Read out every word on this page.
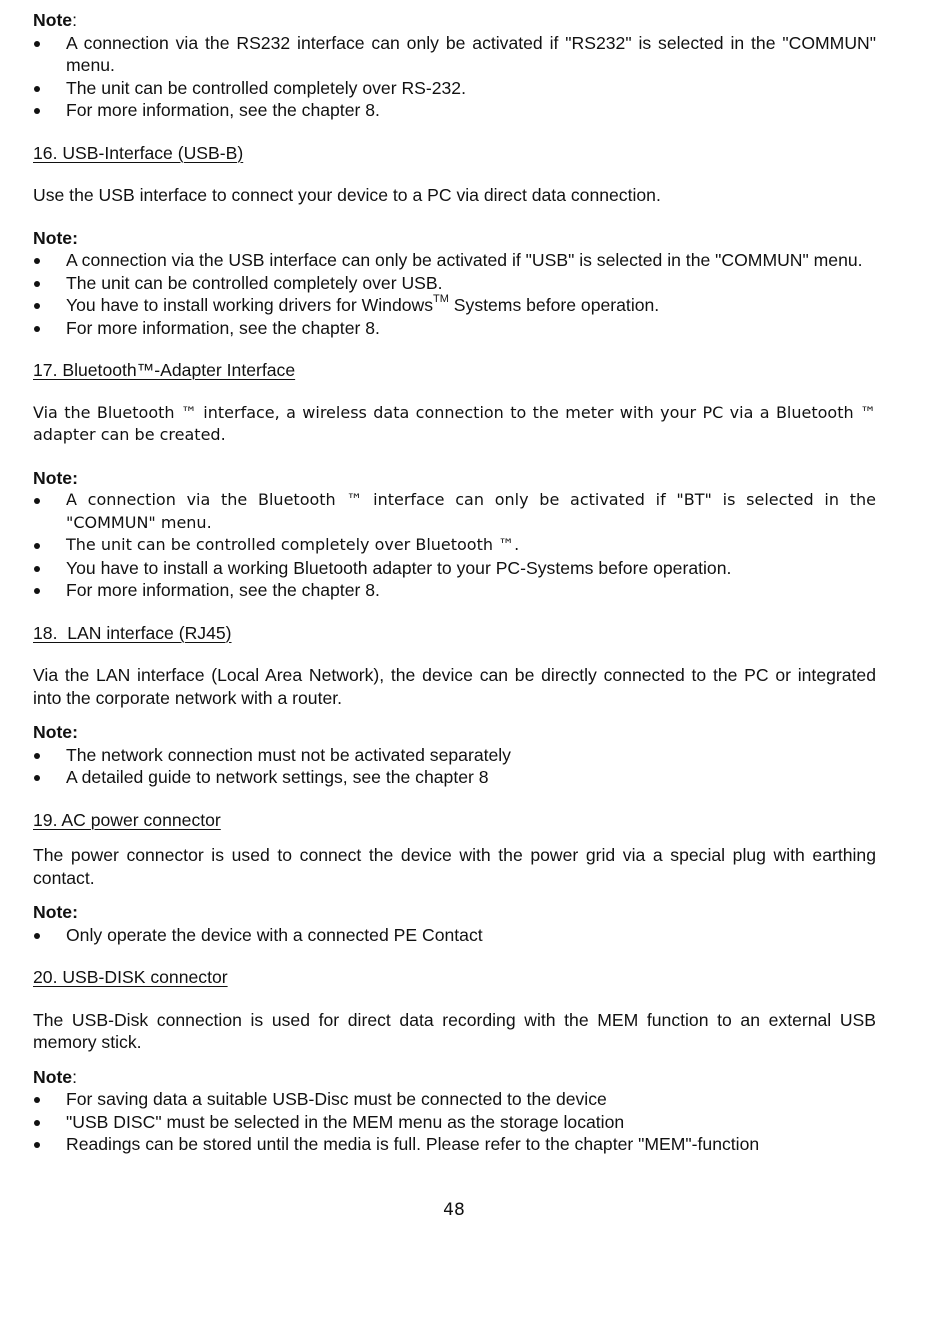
Note:

A connection via the RS232 interface can only be activated if "RS232" is selected in the "COMMUN" menu.
The unit can be controlled completely over RS-232.
For more information, see the chapter 8.

16. USB-Interface (USB-B)

Use the USB interface to connect your device to a PC via direct data connection.

Note:

A connection via the USB interface can only be activated if "USB" is selected in the "COMMUN" menu.
The unit can be controlled completely over USB.
You have to install working drivers for Windows™ Systems before operation.
For more information, see the chapter 8.

17. Bluetooth™-Adapter Interface

Via the Bluetooth ™ interface, a wireless data connection to the meter with your PC via a Bluetooth ™ adapter can be created.

Note:

A connection via the Bluetooth ™ interface can only be activated if "BT" is selected in the "COMMUN" menu.
The unit can be controlled completely over Bluetooth ™.
You have to install a working Bluetooth adapter to your PC-Systems before operation.
For more information, see the chapter 8.

18.  LAN interface (RJ45)

Via the LAN interface (Local Area Network), the device can be directly connected to the PC or integrated into the corporate network with a router.

Note:

The network connection must not be activated separately
A detailed guide to network settings, see the chapter 8

19. AC power connector

The power connector is used to connect the device with the power grid via a special plug with earthing contact.

Note:

Only operate the device with a connected PE Contact

20. USB-DISK connector

The USB-Disk connection is used for direct data recording with the MEM function to an external USB memory stick.

Note:

For saving data a suitable USB-Disc must be connected to the device
"USB DISC" must be selected in the MEM menu as the storage location
Readings can be stored until the media is full. Please refer to the chapter "MEM"-function
48
